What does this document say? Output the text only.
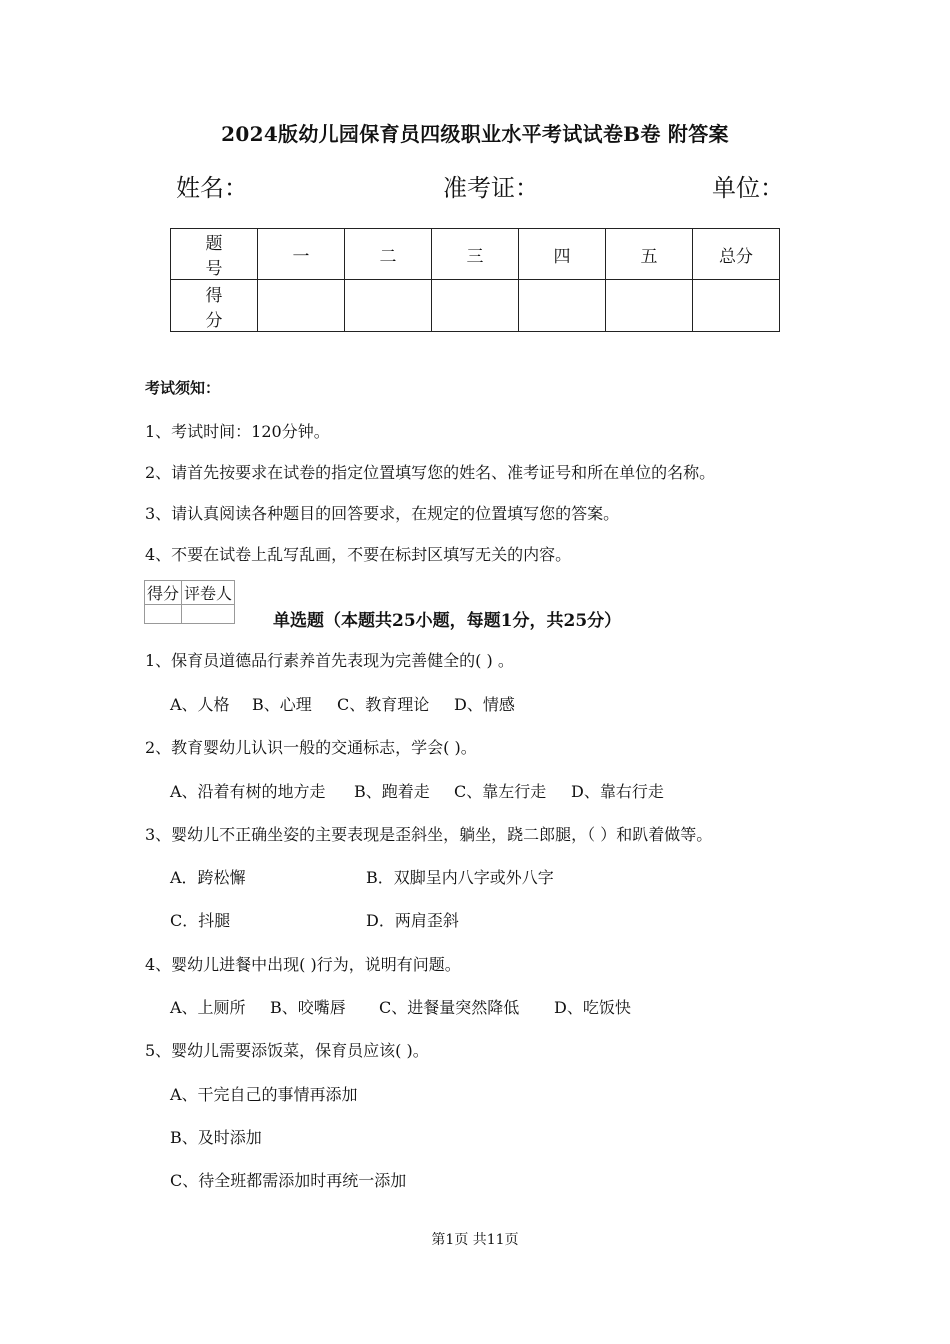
2024版幼儿园保育员四级职业水平考试试卷B卷 附答案
姓名：	准考证：	单位：
题 号	一	二	三	四	五	总分
得 分						
考试须知：
1、考试时间：120分钟。
2、请首先按要求在试卷的指定位置填写您的姓名、准考证号和所在单位的名称。
3、请认真阅读各种题目的回答要求，在规定的位置填写您的答案。
4、不要在试卷上乱写乱画，不要在标封区填写无关的内容。
得分	评卷人

单选题（本题共25小题，每题1分，共25分）
1、保育员道德品行素养首先表现为完善健全的( ) 。
A、人格 B、心理 C、教育理论 D、情感
2、教育婴幼儿认识一般的交通标志，学会( )。
A、沿着有树的地方走 B、跑着走 C、靠左行走 D、靠右行走
3、婴幼儿不正确坐姿的主要表现是歪斜坐，躺坐，跷二郎腿，（ ）和趴着做等。
A．跨松懈	B．双脚呈内八字或外八字
C．抖腿	D．两肩歪斜
4、婴幼儿进餐中出现( )行为，说明有问题。
A、上厕所 B、咬嘴唇 C、进餐量突然降低 D、吃饭快
5、婴幼儿需要添饭菜，保育员应该( )。
A、干完自己的事情再添加
B、及时添加
C、待全班都需添加时再统一添加
第1页 共11页
